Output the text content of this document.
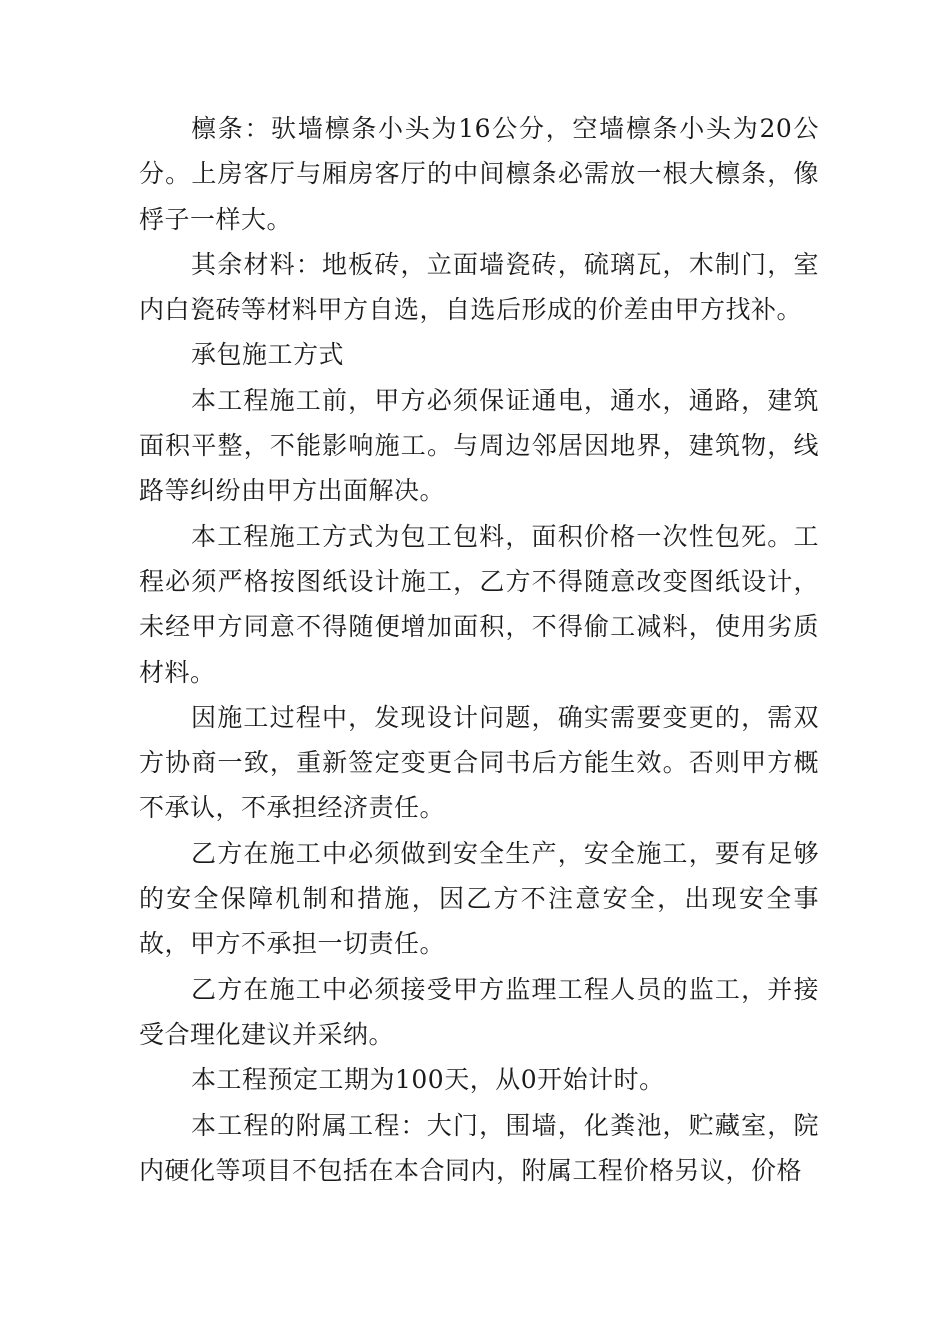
檩条：驮墙檩条小头为16公分，空墙檩条小头为20公分。上房客厅与厢房客厅的中间檩条必需放一根大檩条，像桴子一样大。

其余材料：地板砖，立面墙瓷砖，硫璃瓦，木制门，室内白瓷砖等材料甲方自选，自选后形成的价差由甲方找补。

承包施工方式

本工程施工前，甲方必须保证通电，通水，通路，建筑面积平整，不能影响施工。与周边邻居因地界，建筑物，线路等纠纷由甲方出面解决。

本工程施工方式为包工包料，面积价格一次性包死。工程必须严格按图纸设计施工，乙方不得随意改变图纸设计，未经甲方同意不得随便增加面积，不得偷工减料，使用劣质材料。

因施工过程中，发现设计问题，确实需要变更的，需双方协商一致，重新签定变更合同书后方能生效。否则甲方概不承认，不承担经济责任。

乙方在施工中必须做到安全生产，安全施工，要有足够的安全保障机制和措施，因乙方不注意安全，出现安全事故，甲方不承担一切责任。

乙方在施工中必须接受甲方监理工程人员的监工，并接受合理化建议并采纳。

本工程预定工期为100天，从0开始计时。

本工程的附属工程：大门，围墙，化粪池，贮藏室，院内硬化等项目不包括在本合同内，附属工程价格另议，价格
